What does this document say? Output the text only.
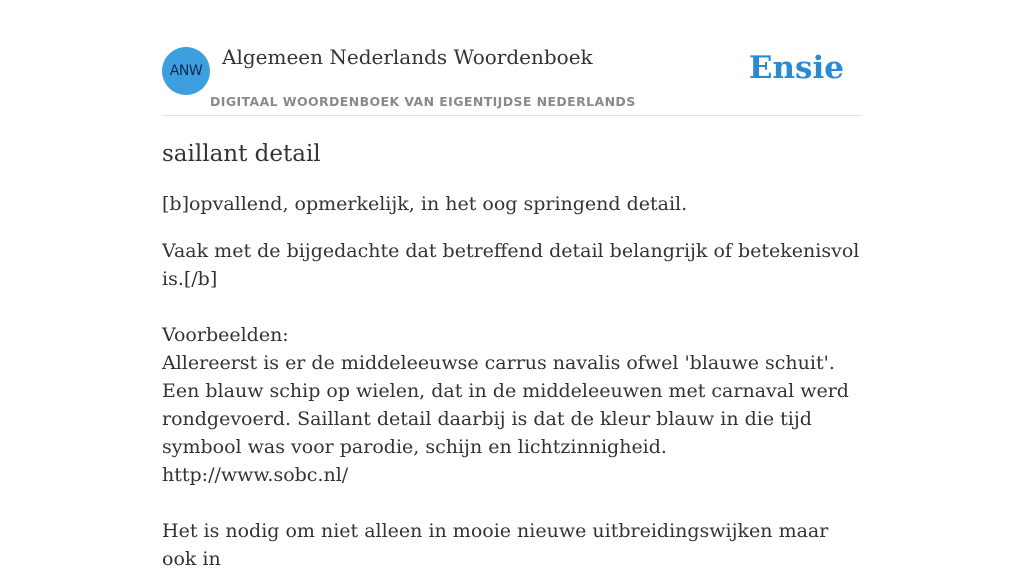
ANW
Algemeen Nederlands Woordenboek
DIGITAAL WOORDENBOEK VAN EIGENTIJDSE NEDERLANDS
Ensie
saillant detail

[b]opvallend, opmerkelijk, in het oog springend detail.

Vaak met de bijgedachte dat betreffend detail belangrijk of betekenisvol is.[/b]

Voorbeelden:
Allereerst is er de middeleeuwse carrus navalis ofwel 'blauwe schuit'. Een blauw schip op wielen, dat in de middeleeuwen met carnaval werd rondgevoerd. Saillant detail daarbij is dat de kleur blauw in die tijd symbool was voor parodie, schijn en lichtzinnigheid.
http://www.sobc.nl/

Het is nodig om niet alleen in mooie nieuwe uitbreidingswijken maar ook in
